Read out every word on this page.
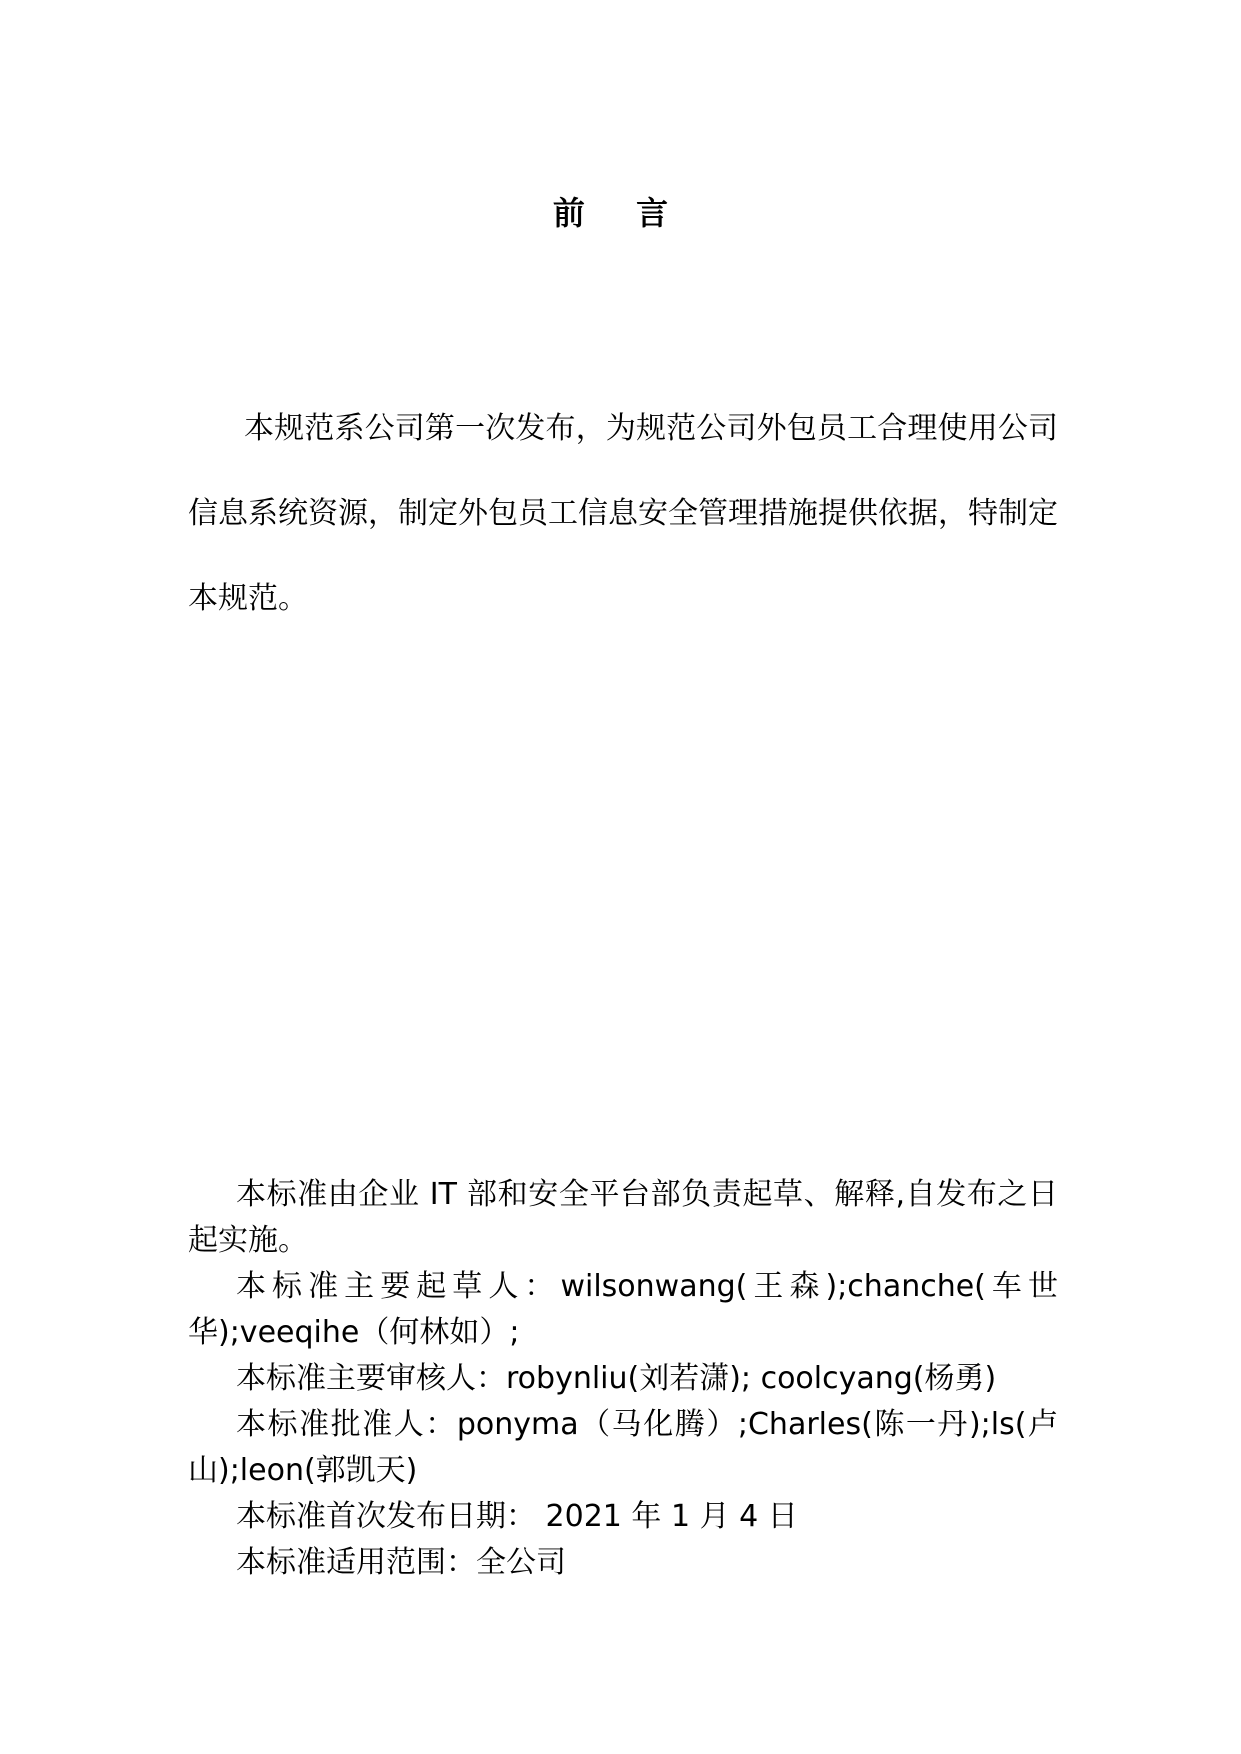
前 言

本规范系公司第一次发布，为规范公司外包员工合理使用公司信息系统资源，制定外包员工信息安全管理措施提供依据，特制定本规范。

本标准由企业 IT 部和安全平台部负责起草、解释,自发布之日起实施。

本标准主要起草人：wilsonwang(王森);chanche(车世华);veeqihe（何林如）;

本标准主要审核人：robynliu(刘若潇); coolcyang(杨勇)

本标准批准人：ponyma（马化腾）;Charles(陈一丹);ls(卢山);leon(郭凯天)

本标准首次发布日期： 2021 年 1 月 4 日

本标准适用范围：全公司
